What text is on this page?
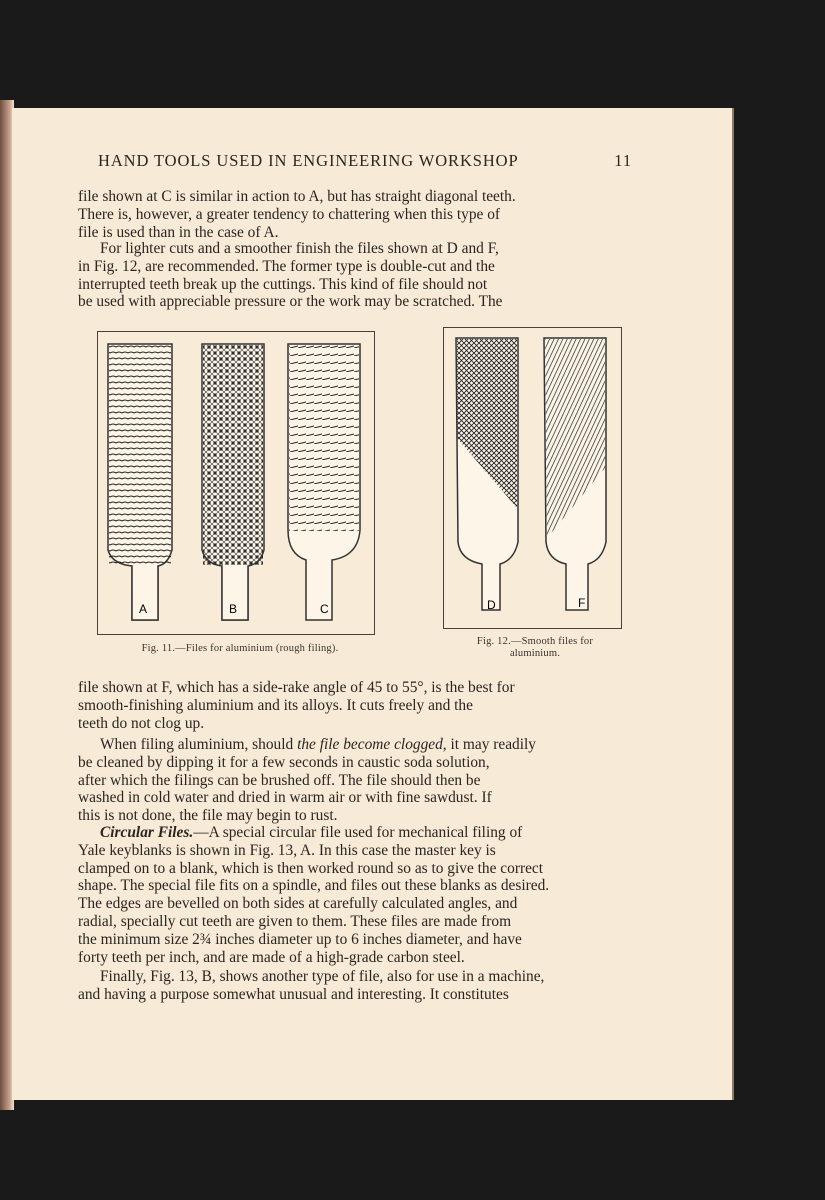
HAND TOOLS USED IN ENGINEERING WORKSHOP	11
file shown at C is similar in action to A, but has straight diagonal teeth.
There is, however, a greater tendency to chattering when this type of
file is used than in the case of A.
For lighter cuts and a smoother finish the files shown at D and F,
in Fig. 12, are recommended. The former type is double-cut and the
interrupted teeth break up the cuttings. This kind of file should not
be used with appreciable pressure or the work may be scratched. The
A	B	C
Fig. 11.—Files for aluminium (rough filing).
D	F
Fig. 12.—Smooth files for
aluminium.
file shown at F, which has a side-rake angle of 45 to 55°, is the best for
smooth-finishing aluminium and its alloys. It cuts freely and the
teeth do not clog up.
When filing aluminium, should the file become clogged, it may readily
be cleaned by dipping it for a few seconds in caustic soda solution,
after which the filings can be brushed off. The file should then be
washed in cold water and dried in warm air or with fine sawdust. If
this is not done, the file may begin to rust.
Circular Files.—A special circular file used for mechanical filing of
Yale keyblanks is shown in Fig. 13, A. In this case the master key is
clamped on to a blank, which is then worked round so as to give the correct
shape. The special file fits on a spindle, and files out these blanks as desired.
The edges are bevelled on both sides at carefully calculated angles, and
radial, specially cut teeth are given to them. These files are made from
the minimum size 2¾ inches diameter up to 6 inches diameter, and have
forty teeth per inch, and are made of a high-grade carbon steel.
Finally, Fig. 13, B, shows another type of file, also for use in a machine,
and having a purpose somewhat unusual and interesting. It constitutes
